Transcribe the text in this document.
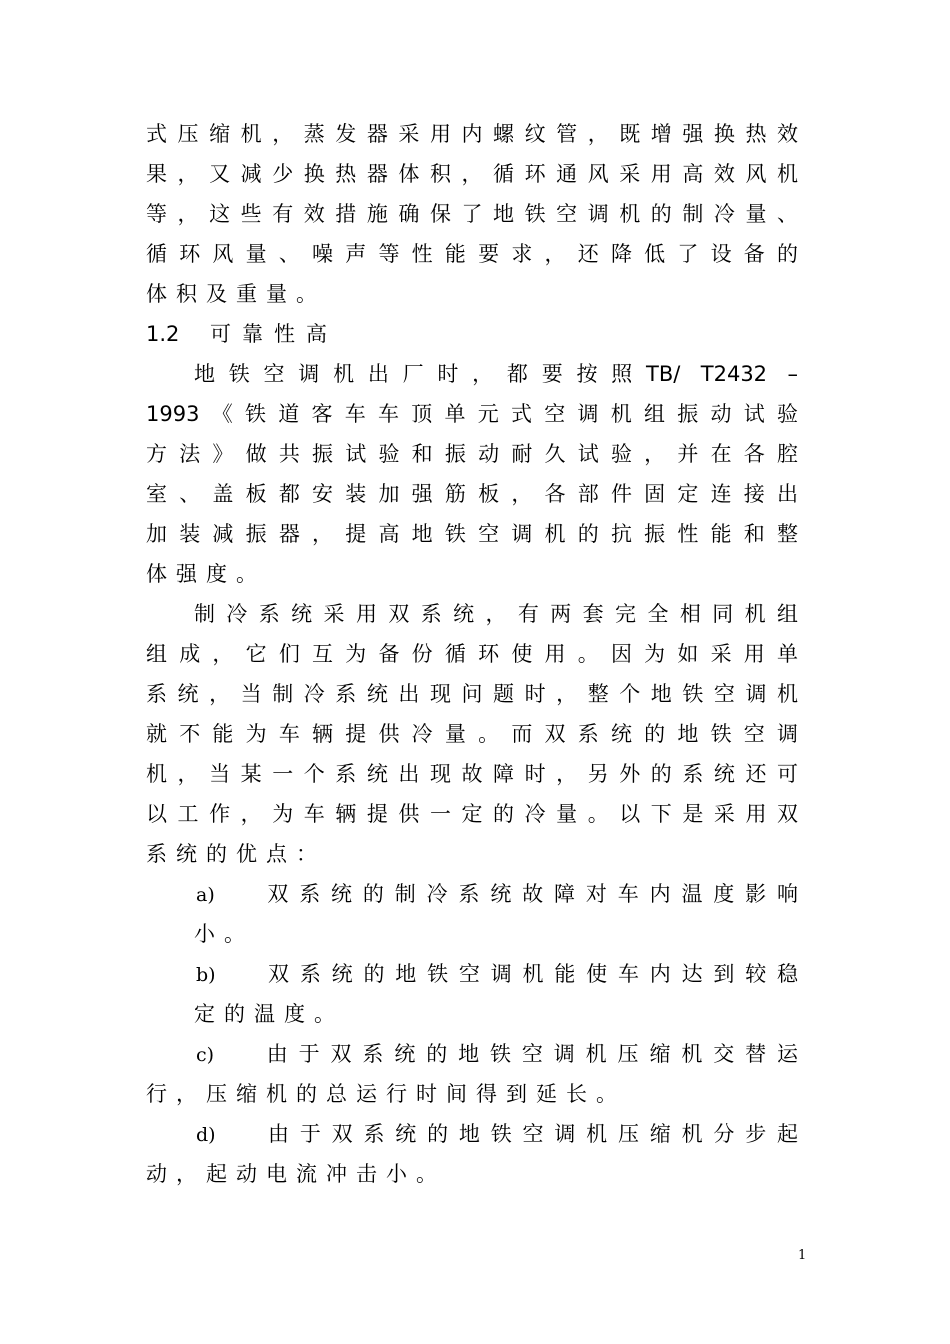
式压缩机，蒸发器采用内螺纹管，既增强换热效
果，又减少换热器体积，循环通风采用高效风机
等，这些有效措施确保了地铁空调机的制冷量、
循环风量、噪声等性能要求，还降低了设备的
体积及重量。
1.2 可靠性高
地铁空调机出厂时，都要按照TB/ T2432 –
1993《铁道客车车顶单元式空调机组振动试验
方法》做共振试验和振动耐久试验，并在各腔
室、盖板都安装加强筋板，各部件固定连接出
加装减振器，提高地铁空调机的抗振性能和整
体强度。
制冷系统采用双系统，有两套完全相同机组
组成，它们互为备份循环使用。因为如采用单
系统，当制冷系统出现问题时，整个地铁空调机
就不能为车辆提供冷量。而双系统的地铁空调
机，当某一个系统出现故障时，另外的系统还可
以工作，为车辆提供一定的冷量。以下是采用双
系统的优点：
a)	双系统的制冷系统故障对车内温度影响
小。
b) 双系统的地铁空调机能使车内达到较稳
定的温度。
c)	由于双系统的地铁空调机压缩机交替运
行，压缩机的总运行时间得到延长。
d) 由于双系统的地铁空调机压缩机分步起
动，起动电流冲击小。
1
